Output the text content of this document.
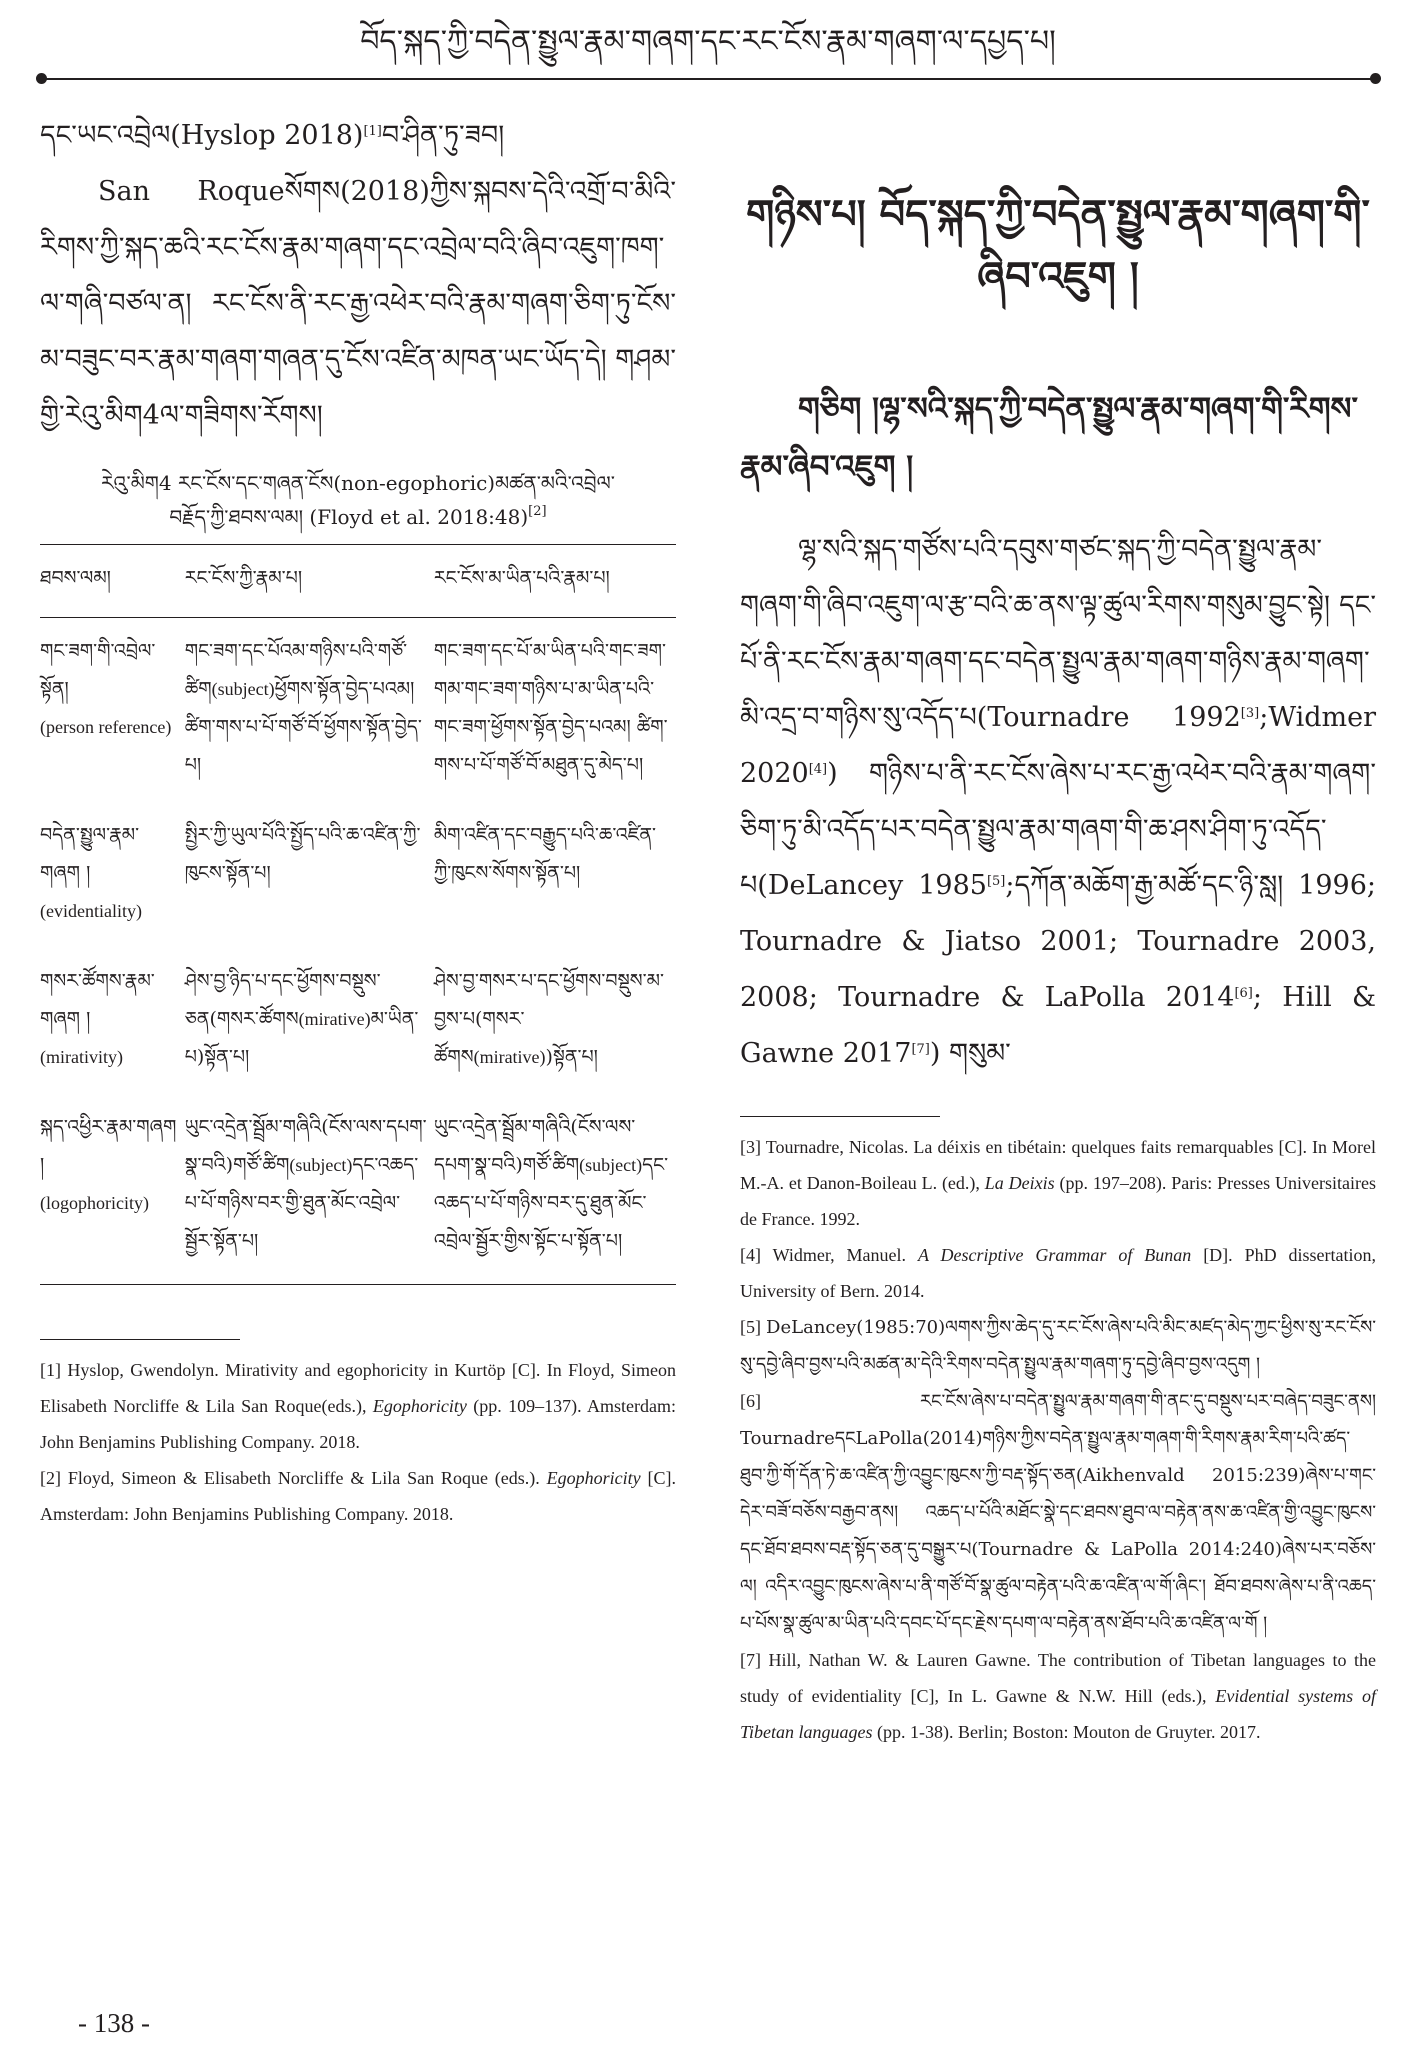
བོད་སྐད་ཀྱི་བདེན་སྤྱུལ་རྣམ་གཞག་དང་རང་ངོས་རྣམ་གཞག་ལ་དཔྱད་པ།

དང་ཡང་འབྲེལ(Hyslop 2018)[1]བ་ཤིན་ཏུ་ཟབ།

San Roqueསོགས(2018)ཀྱིས་སྐབས་དེའི་འགྲོ་བ་མིའི་རིགས་ཀྱི་སྐད་ཆའི་རང་ངོས་རྣམ་གཞག་དང་འབྲེལ་བའི་ཞིབ་འཇུག་ཁག་ལ་གཞི་བཙལ་ན། རང་ངོས་ནི་རང་རྒྱ་འཕེར་བའི་རྣམ་གཞག་ཅིག་ཏུ་ངོས་མ་བཟུང་བར་རྣམ་གཞག་གཞན་དུ་ངོས་འཛིན་མཁན་ཡང་ཡོད་དེ། གཤམ་གྱི་རེའུ་མིག4ལ་གཟིགས་རོགས།

རེའུ་མིག4 རང་ངོས་དང་གཞན་ངོས(non-egophoric)མཚན་མའི་འབྲེལ་
བརྗོད་ཀྱི་ཐབས་ལམ། (Floyd et al. 2018:48)[2]
ཐབས་ལམ།	རང་ངོས་ཀྱི་རྣམ་པ།	རང་ངོས་མ་ཡིན་པའི་རྣམ་པ།

གང་ཟག་གི་འབྲེལ་སྟོན།
(person reference)	གང་ཟག་དང་པོའམ་གཉིས་པའི་གཙོ་ཚིག(subject)ཕྱོགས་སྟོན་བྱེད་པའམ། ཚིག་གས་པ་པོ་གཙོ་བོ་ཕྱོགས་སྟོན་བྱེད་པ།	གང་ཟག་དང་པོ་མ་ཡིན་པའི་གང་ཟག་གམ་གང་ཟག་གཉིས་པ་མ་ཡིན་པའི་གང་ཟག་ཕྱོགས་སྟོན་བྱེད་པའམ། ཚིག་གས་པ་པོ་གཙོ་བོ་མཐུན་དུ་མེད་པ།

བདེན་སྤྱུལ་རྣམ་གཞག །
(evidentiality)	སྤྱིར་ཀྱི་ཡུལ་པོའི་སྤྱོད་པའི་ཆ་འཛིན་ཀྱི་ཁུངས་སྟོན་པ།	མིག་འཛིན་དང་བརྒྱུད་པའི་ཆ་འཛིན་ཀྱི་ཁུངས་སོགས་སྟོན་པ།

གསར་ཚོགས་རྣམ་གཞག །
(mirativity)	ཤེས་བྱ་ཉིད་པ་དང་ཕྱོགས་བསྡུས་ཅན(གསར་ཚོགས(mirative)མ་ཡིན་པ)སྟོན་པ།	ཤེས་བྱ་གསར་པ་དང་ཕྱོགས་བསྡུས་མ་བྱས་པ(གསར་ཚོགས(mirative))སྟོན་པ།

སྐད་འཕྱིར་རྣམ་གཞག །
(logophoricity)	ཡུང་འདྲེན་སྦྲོམ་གཞིའི(ངོས་ལས་དཔག་སྣ་བའི)གཙོ་ཚིག(subject)དང་འཆད་པ་པོ་གཉིས་བར་གྱི་ཐུན་མོང་འབྲེལ་སྦྱོར་སྟོན་པ།	ཡུང་འདྲེན་སྦྲོམ་གཞིའི(ངོས་ལས་དཔག་སྣ་བའི)གཙོ་ཚིག(subject)དང་འཆད་པ་པོ་གཉིས་བར་དུ་ཐུན་མོང་འབྲེལ་སྦྱོར་གྱིས་སྟོང་པ་སྟོན་པ།

[1] Hyslop, Gwendolyn. Mirativity and egophoricity in Kurtöp [C]. In Floyd, Simeon Elisabeth Norcliffe & Lila San Roque(eds.), Egophoricity (pp. 109–137). Amsterdam: John Benjamins Publishing Company. 2018.

[2] Floyd, Simeon & Elisabeth Norcliffe & Lila San Roque (eds.). Egophoricity [C]. Amsterdam: John Benjamins Publishing Company. 2018.

གཉིས་པ། བོད་སྐད་ཀྱི་བདེན་སྤྱུལ་རྣམ་གཞག་གི་ཞིབ་འཇུག །
གཅིག །ལྷ་སའི་སྐད་ཀྱི་བདེན་སྤྱུལ་རྣམ་གཞག་གི་རིགས་རྣམ་ཞིབ་འཇུག །

ལྷ་སའི་སྐད་གཙོས་པའི་དབུས་གཙང་སྐད་ཀྱི་བདེན་སྤྱུལ་རྣམ་གཞག་གི་ཞིབ་འཇུག་ལ་རྩ་བའི་ཆ་ནས་ལྟ་ཚུལ་རིགས་གསུམ་བྱུང་སྟེ། དང་པོ་ནི་རང་ངོས་རྣམ་གཞག་དང་བདེན་སྤྱུལ་རྣམ་གཞག་གཉིས་རྣམ་གཞག་མི་འདྲ་བ་གཉིས་སུ་འདོད་པ(Tournadre 1992[3];Widmer 2020[4]) གཉིས་པ་ནི་རང་ངོས་ཞེས་པ་རང་རྒྱ་འཕེར་བའི་རྣམ་གཞག་ཅིག་ཏུ་མི་འདོད་པར་བདེན་སྤྱུལ་རྣམ་གཞག་གི་ཆ་ཤས་ཤིག་ཏུ་འདོད་པ(DeLancey 1985[5];དཀོན་མཆོག་རྒྱ་མཚོ་དང་ཉི་སླ། 1996; Tournadre & Jiatso 2001; Tournadre 2003, 2008; Tournadre & LaPolla 2014[6]; Hill & Gawne 2017[7]) གསུམ་

[3] Tournadre, Nicolas. La déixis en tibétain: quelques faits remarquables [C]. In Morel M.-A. et Danon-Boileau L. (ed.), La Deixis (pp. 197–208). Paris: Presses Universitaires de France. 1992.

[4] Widmer, Manuel. A Descriptive Grammar of Bunan [D]. PhD dissertation, University of Bern. 2014.

[5] DeLancey(1985:70)ལགས་ཀྱིས་ཆེད་དུ་རང་ངོས་ཞེས་པའི་མིང་མཛད་མེད་ཀྱང་ཕྱིས་སུ་རང་ངོས་སུ་དབྱེ་ཞིབ་བྱས་པའི་མཚན་མ་དེའི་རིགས་བདེན་སྤྱུལ་རྣམ་གཞག་ཏུ་དབྱེ་ཞིབ་བྱས་འདུག །

[6]	རང་ངོས་ཞེས་པ་བདེན་སྤྱུལ་རྣམ་གཞག་གི་ནང་དུ་བསྡུས་པར་བཞེད་བཟུང་ནས། TournadreདངLaPolla(2014)གཉིས་ཀྱིས་བདེན་སྤྱུལ་རྣམ་གཞག་གི་རིགས་རྣམ་རིག་པའི་ཚད་ཐུབ་ཀྱི་གོ་དོན་ཏེ་ཆ་འཛིན་ཀྱི་འབྱུང་ཁུངས་ཀྱི་བརྡ་སྟོད་ཅན(Aikhenvald 2015:239)ཞེས་པ་གང་དེར་བཟོ་བཅོས་བརྒྱབ་ནས། འཆད་པ་པོའི་མཐོང་སྣེ་དང་ཐབས་ཐུབ་ལ་བརྟེན་ནས་ཆ་འཛིན་གྱི་འབྱུང་ཁུངས་དང་ཐོབ་ཐབས་བརྡ་སྟོད་ཅན་དུ་བསྒྱུར་པ(Tournadre & LaPolla 2014:240)ཞེས་པར་བཅོས་ལ། འདིར་འབྱུང་ཁུངས་ཞེས་པ་ནི་གཙོ་བོ་སྣ་ཚུལ་བརྟེན་པའི་ཆ་འཛིན་ལ་གོ་ཞིང་། ཐོབ་ཐབས་ཞེས་པ་ནི་འཆད་པ་པོས་སྣ་ཚུལ་མ་ཡིན་པའི་དབང་པོ་དང་རྗེས་དཔག་ལ་བརྟེན་ནས་ཐོབ་པའི་ཆ་འཛིན་ལ་གོ །

[7] Hill, Nathan W. & Lauren Gawne. The contribution of Tibetan languages to the study of evidentiality [C], In L. Gawne & N.W. Hill (eds.), Evidential systems of Tibetan languages (pp. 1-38). Berlin; Boston: Mouton de Gruyter. 2017.

- 138 -
